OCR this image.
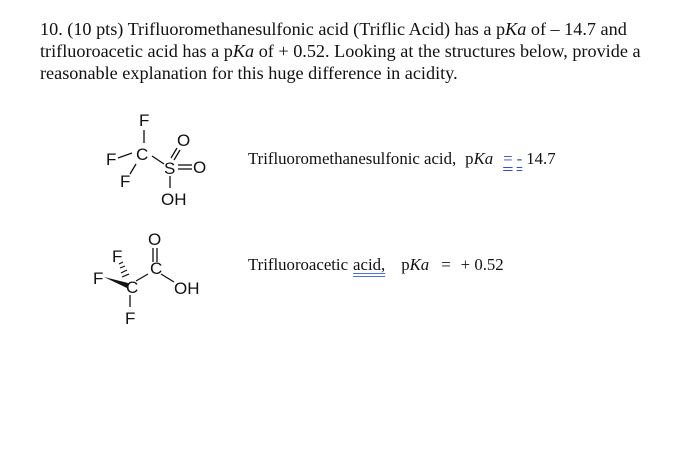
10. (10 pts) Trifluoromethanesulfonic acid (Triflic Acid) has a pKa of – 14.7 and
trifluoroacetic acid has a pKa of + 0.52. Looking at the structures below, provide a
reasonable explanation for this huge difference in acidity.
F
F C
F
S
O
O
OH
Trifluoromethanesulfonic acid, pKa = - 14.7
O
C
F
F C OH
F
Trifluoroacetic acid, pKa = + 0.52
